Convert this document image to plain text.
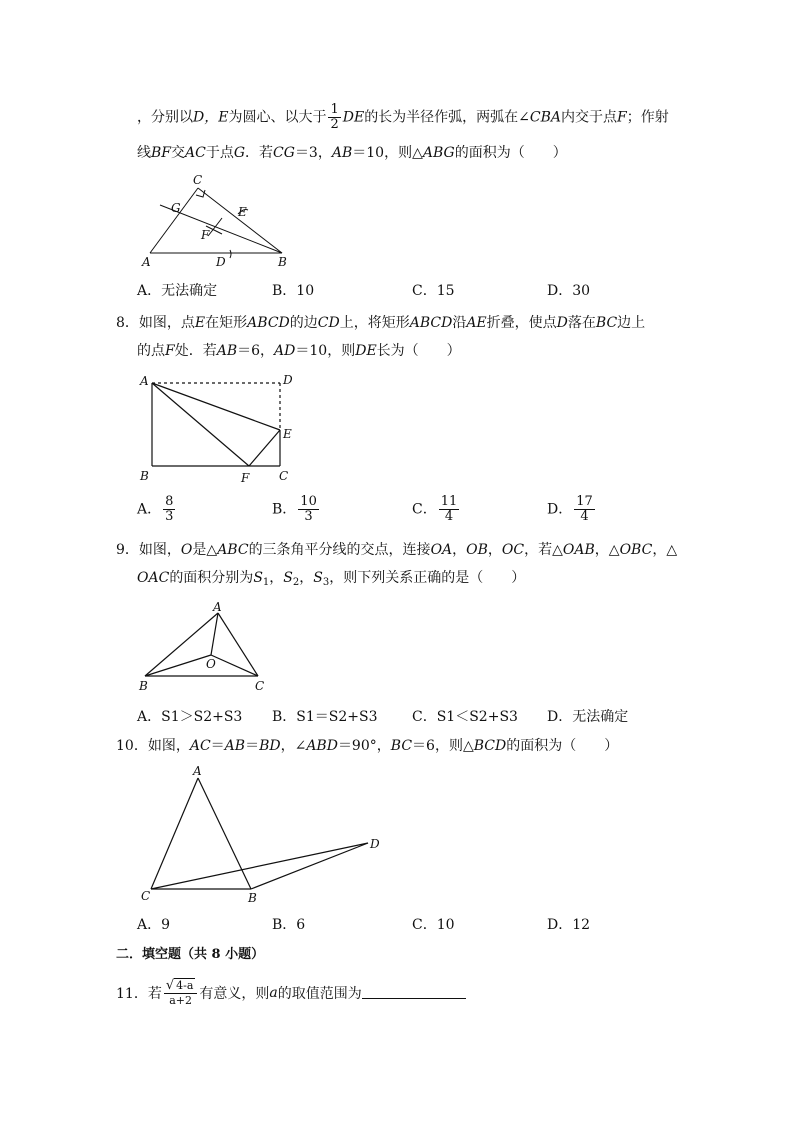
，分别以D，E为圆心、以大于 $\frac{1}{2}$ DE的长为半径作弧，两弧在∠CBA内交于点F；作射
线BF交AC于点G．若CG＝3，AB＝10，则△ABG的面积为（　　）
C
G	E
F
A	D	B
A．无法确定	B．10	C．15	D．30
8．如图，点E在矩形ABCD的边CD上，将矩形ABCD沿AE折叠，使点D落在BC边上
的点F处．若AB＝6，AD＝10，则DE长为（　　）
A	D
E
B	F C
A． $\frac{8}{3}$	B． $\frac{10}{3}$	C． $\frac{11}{4}$	D． $\frac{17}{4}$
9．如图，O是△ABC的三条角平分线的交点，连接OA，OB，OC，若△OAB，△OBC，△
OAC的面积分别为$S_1$，$S_2$，$S_3$，则下列关系正确的是（　　）
A
O
B	C
A．S1＞S2+S3 B．S1＝S2+S3 C．S1＜S2+S3 D．无法确定
10．如图，AC＝AB＝BD，∠ABD＝90°，BC＝6，则△BCD的面积为（　　）
A
C	B
D
A．9	B．6	C．10	D．12
二．填空题（共 8 小题）
11．若 $\frac{√ 4-a}{a+2}$ 有意义，则a的取值范围为
